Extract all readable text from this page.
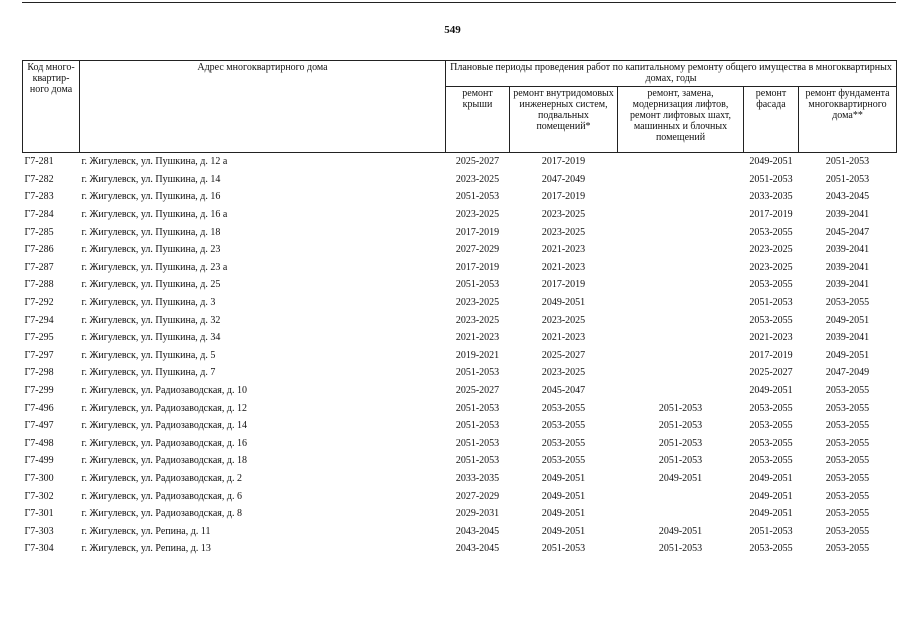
549
Код много-квартир-ного дома	Адрес многоквартирного дома	Плановые периоды проведения работ по капитальному ремонту общего имущества в многоквартирных домах, годы				
		ремонт крыши	ремонт внутридомовых инженерных систем, подвальных помещений*	ремонт, замена, модернизация лифтов, ремонт лифтовых шахт, машинных и блочных помещений	ремонт фасада	ремонт фундамента многоквартирного дома**
Г7-281	г. Жигулевск, ул. Пушкина, д. 12 а	2025-2027	2017-2019		2049-2051	2051-2053
Г7-282	г. Жигулевск, ул. Пушкина, д. 14	2023-2025	2047-2049		2051-2053	2051-2053
Г7-283	г. Жигулевск, ул. Пушкина, д. 16	2051-2053	2017-2019		2033-2035	2043-2045
Г7-284	г. Жигулевск, ул. Пушкина, д. 16 а	2023-2025	2023-2025		2017-2019	2039-2041
Г7-285	г. Жигулевск, ул. Пушкина, д. 18	2017-2019	2023-2025		2053-2055	2045-2047
Г7-286	г. Жигулевск, ул. Пушкина, д. 23	2027-2029	2021-2023		2023-2025	2039-2041
Г7-287	г. Жигулевск, ул. Пушкина, д. 23 а	2017-2019	2021-2023		2023-2025	2039-2041
Г7-288	г. Жигулевск, ул. Пушкина, д. 25	2051-2053	2017-2019		2053-2055	2039-2041
Г7-292	г. Жигулевск, ул. Пушкина, д. 3	2023-2025	2049-2051		2051-2053	2053-2055
Г7-294	г. Жигулевск, ул. Пушкина, д. 32	2023-2025	2023-2025		2053-2055	2049-2051
Г7-295	г. Жигулевск, ул. Пушкина, д. 34	2021-2023	2021-2023		2021-2023	2039-2041
Г7-297	г. Жигулевск, ул. Пушкина, д. 5	2019-2021	2025-2027		2017-2019	2049-2051
Г7-298	г. Жигулевск, ул. Пушкина, д. 7	2051-2053	2023-2025		2025-2027	2047-2049
Г7-299	г. Жигулевск, ул. Радиозаводская, д. 10	2025-2027	2045-2047		2049-2051	2053-2055
Г7-496	г. Жигулевск, ул. Радиозаводская, д. 12	2051-2053	2053-2055	2051-2053	2053-2055	2053-2055
Г7-497	г. Жигулевск, ул. Радиозаводская, д. 14	2051-2053	2053-2055	2051-2053	2053-2055	2053-2055
Г7-498	г. Жигулевск, ул. Радиозаводская, д. 16	2051-2053	2053-2055	2051-2053	2053-2055	2053-2055
Г7-499	г. Жигулевск, ул. Радиозаводская, д. 18	2051-2053	2053-2055	2051-2053	2053-2055	2053-2055
Г7-300	г. Жигулевск, ул. Радиозаводская, д. 2	2033-2035	2049-2051	2049-2051	2049-2051	2053-2055
Г7-302	г. Жигулевск, ул. Радиозаводская, д. 6	2027-2029	2049-2051		2049-2051	2053-2055
Г7-301	г. Жигулевск, ул. Радиозаводская, д. 8	2029-2031	2049-2051		2049-2051	2053-2055
Г7-303	г. Жигулевск, ул. Репина, д. 11	2043-2045	2049-2051	2049-2051	2051-2053	2053-2055
Г7-304	г. Жигулевск, ул. Репина, д. 13	2043-2045	2051-2053	2051-2053	2053-2055	2053-2055
